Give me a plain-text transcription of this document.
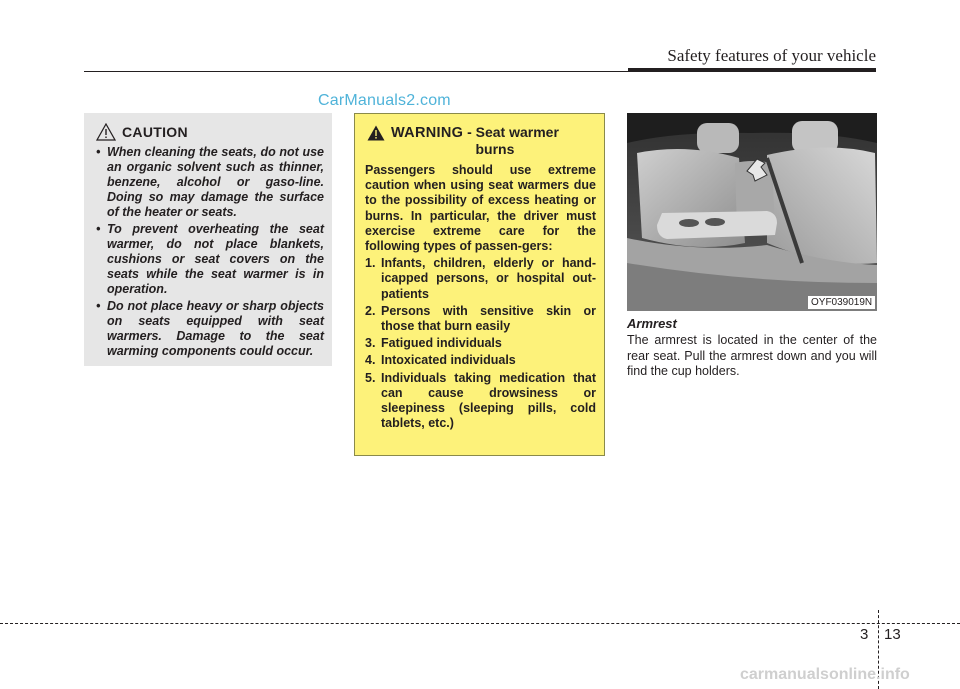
Safety features of your vehicle
CarManuals2.com
CAUTION
• When cleaning the seats, do not use an organic solvent such as thinner, benzene, alcohol or gaso-line. Doing so may damage the surface of the heater or seats.
• To prevent overheating the seat warmer, do not place blankets, cushions or seat covers on the seats while the seat warmer is in operation.
• Do not place heavy or sharp objects on seats equipped with seat warmers. Damage to the seat warming components could occur.
WARNING - Seat warmer
burns
Passengers should use extreme caution when using seat warmers due to the possibility of excess heating or burns. In particular, the driver must exercise extreme care for the following types of passen-gers:
1. Infants, children, elderly or hand-icapped persons, or hospital out-patients
2. Persons with sensitive skin or those that burn easily
3. Fatigued individuals
4. Intoxicated individuals
5. Individuals taking medication that can cause drowsiness or sleepiness (sleeping pills, cold tablets, etc.)
OYF039019N
Armrest
The armrest is located in the center of the rear seat. Pull the armrest down and you will find the cup holders.
3 13
carmanualsonline.info
